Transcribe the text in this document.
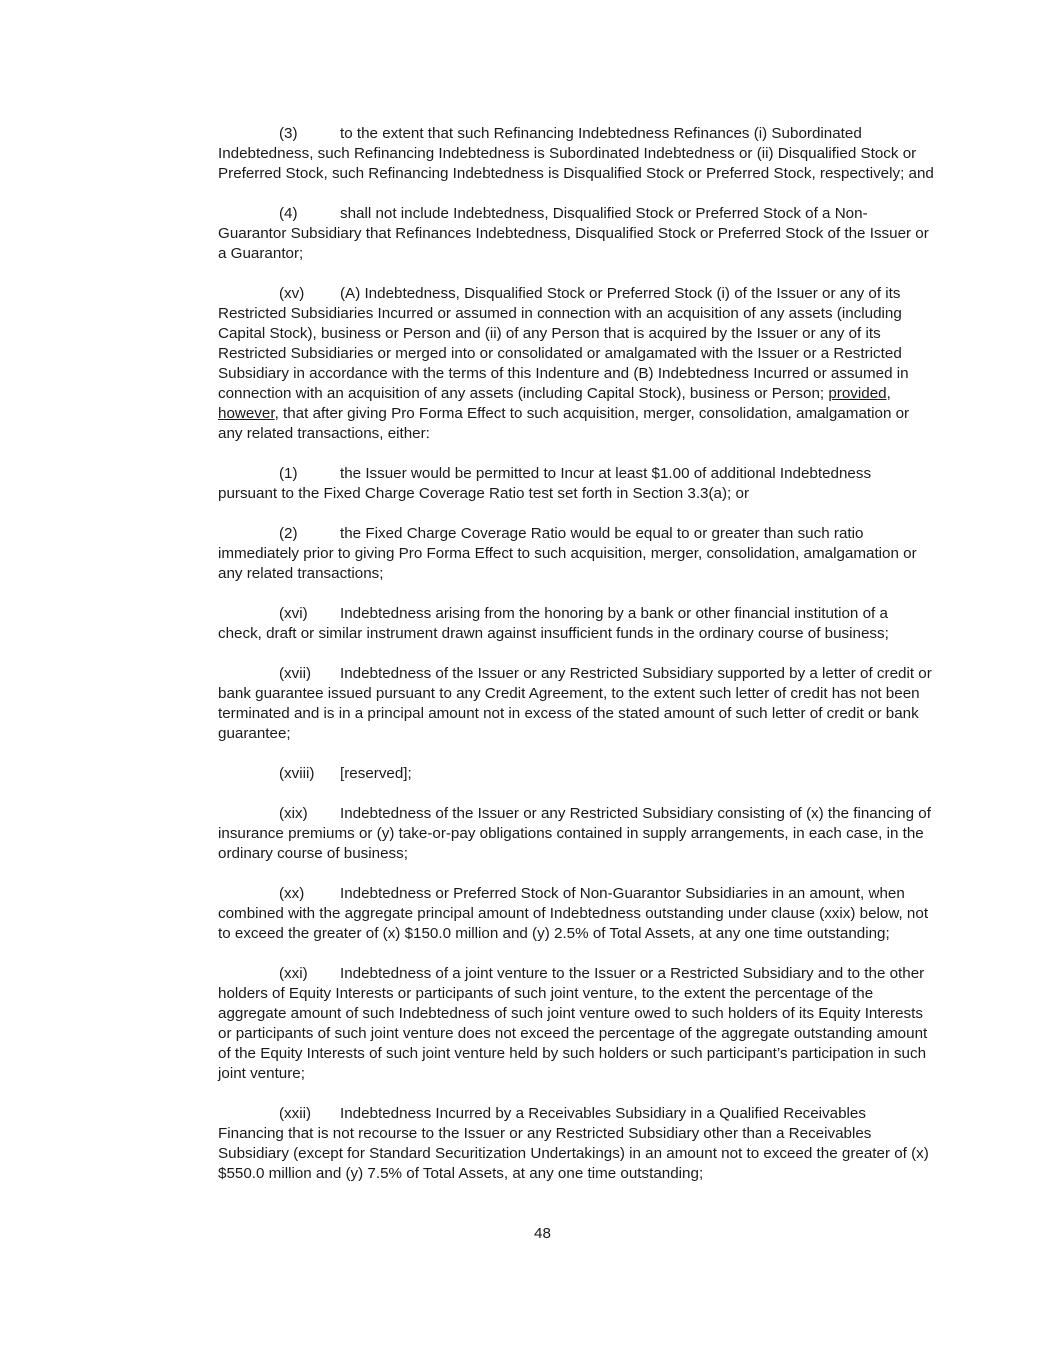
(3)	to the extent that such Refinancing Indebtedness Refinances (i) Subordinated Indebtedness, such Refinancing Indebtedness is Subordinated Indebtedness or (ii) Disqualified Stock or Preferred Stock, such Refinancing Indebtedness is Disqualified Stock or Preferred Stock, respectively; and

(4)	shall not include Indebtedness, Disqualified Stock or Preferred Stock of a Non-Guarantor Subsidiary that Refinances Indebtedness, Disqualified Stock or Preferred Stock of the Issuer or a Guarantor;

(xv) (A) Indebtedness, Disqualified Stock or Preferred Stock (i) of the Issuer or any of its Restricted Subsidiaries Incurred or assumed in connection with an acquisition of any assets (including Capital Stock), business or Person and (ii) of any Person that is acquired by the Issuer or any of its Restricted Subsidiaries or merged into or consolidated or amalgamated with the Issuer or a Restricted Subsidiary in accordance with the terms of this Indenture and (B) Indebtedness Incurred or assumed in connection with an acquisition of any assets (including Capital Stock), business or Person; provided, however, that after giving Pro Forma Effect to such acquisition, merger, consolidation, amalgamation or any related transactions, either:

(1)	the Issuer would be permitted to Incur at least $1.00 of additional Indebtedness pursuant to the Fixed Charge Coverage Ratio test set forth in Section 3.3(a); or

(2)	the Fixed Charge Coverage Ratio would be equal to or greater than such ratio immediately prior to giving Pro Forma Effect to such acquisition, merger, consolidation, amalgamation or any related transactions;

(xvi) Indebtedness arising from the honoring by a bank or other financial institution of a check, draft or similar instrument drawn against insufficient funds in the ordinary course of business;

(xvii) Indebtedness of the Issuer or any Restricted Subsidiary supported by a letter of credit or bank guarantee issued pursuant to any Credit Agreement, to the extent such letter of credit has not been terminated and is in a principal amount not in excess of the stated amount of such letter of credit or bank guarantee;

(xviii) [reserved];

(xix) Indebtedness of the Issuer or any Restricted Subsidiary consisting of (x) the financing of insurance premiums or (y) take-or-pay obligations contained in supply arrangements, in each case, in the ordinary course of business;

(xx) Indebtedness or Preferred Stock of Non-Guarantor Subsidiaries in an amount, when combined with the aggregate principal amount of Indebtedness outstanding under clause (xxix) below, not to exceed the greater of (x) $150.0 million and (y) 2.5% of Total Assets, at any one time outstanding;

(xxi) Indebtedness of a joint venture to the Issuer or a Restricted Subsidiary and to the other holders of Equity Interests or participants of such joint venture, to the extent the percentage of the aggregate amount of such Indebtedness of such joint venture owed to such holders of its Equity Interests or participants of such joint venture does not exceed the percentage of the aggregate outstanding amount of the Equity Interests of such joint venture held by such holders or such participant’s participation in such joint venture;

(xxii) Indebtedness Incurred by a Receivables Subsidiary in a Qualified Receivables Financing that is not recourse to the Issuer or any Restricted Subsidiary other than a Receivables Subsidiary (except for Standard Securitization Undertakings) in an amount not to exceed the greater of (x) $550.0 million and (y) 7.5% of Total Assets, at any one time outstanding;

48
